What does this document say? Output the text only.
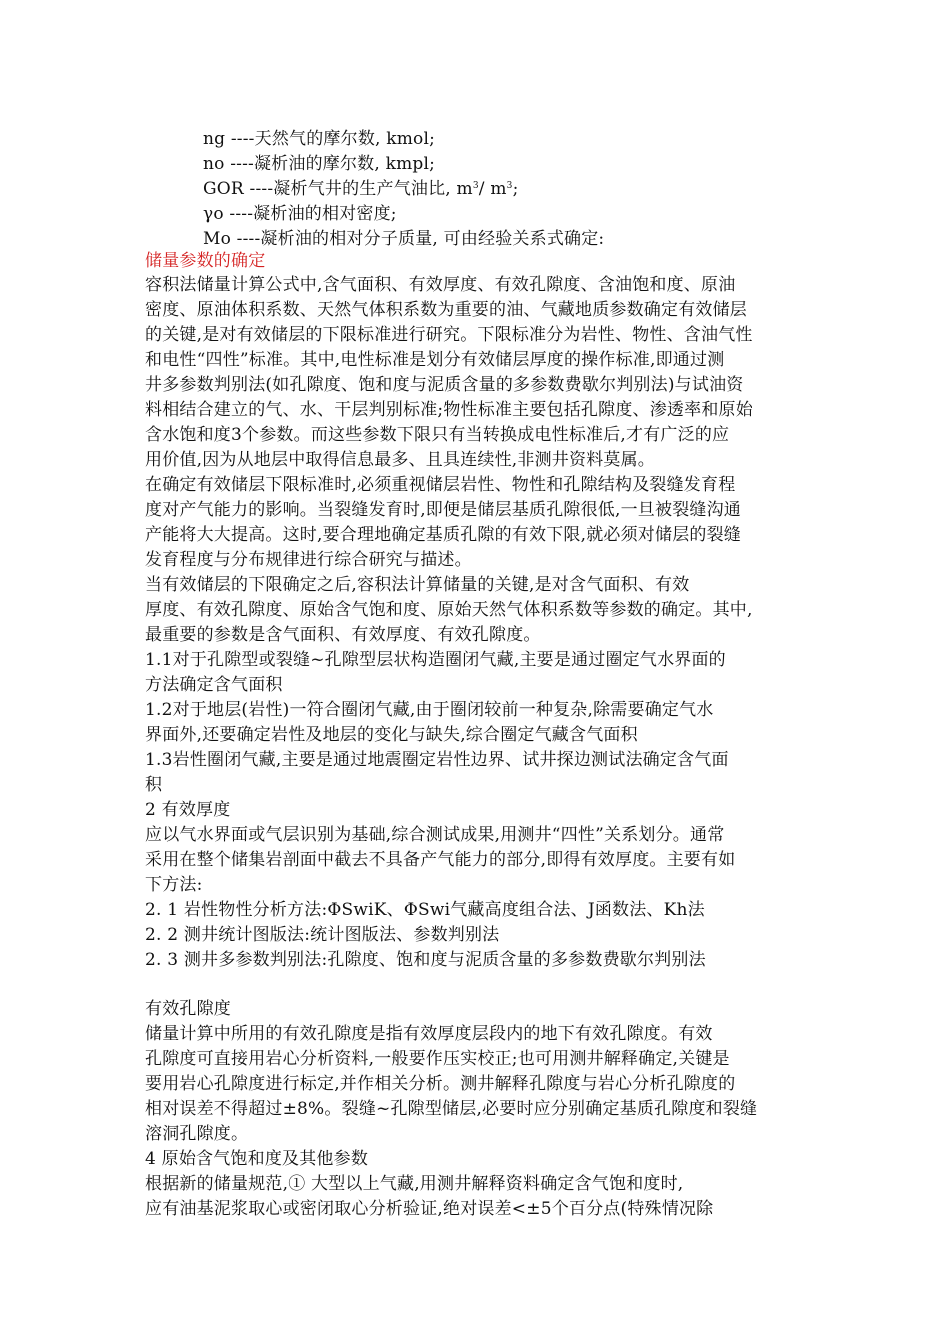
ng ----天然气的摩尔数, kmol;
no ----凝析油的摩尔数, kmpl;
GOR ----凝析气井的生产气油比, $m^3/$ $m^3$;
γo ----凝析油的相对密度;
Mo ----凝析油的相对分子质量, 可由经验关系式确定:
储量参数的确定
容积法储量计算公式中,含气面积、有效厚度、有效孔隙度、含油饱和度、原油
密度、原油体积系数、天然气体积系数为重要的油、气藏地质参数确定有效储层
的关键,是对有效储层的下限标准进行研究。下限标准分为岩性、物性、含油气性
和电性“四性”标准。其中,电性标准是划分有效储层厚度的操作标准,即通过测
井多参数判别法(如孔隙度、饱和度与泥质含量的多参数费歇尔判别法)与试油资
料相结合建立的气、水、干层判别标准;物性标准主要包括孔隙度、渗透率和原始
含水饱和度3个参数。而这些参数下限只有当转换成电性标准后,才有广泛的应
用价值,因为从地层中取得信息最多、且具连续性,非测井资料莫属。
在确定有效储层下限标准时,必须重视储层岩性、物性和孔隙结构及裂缝发育程
度对产气能力的影响。当裂缝发育时,即便是储层基质孔隙很低,一旦被裂缝沟通
产能将大大提高。这时,要合理地确定基质孔隙的有效下限,就必须对储层的裂缝
发育程度与分布规律进行综合研究与描述。
当有效储层的下限确定之后,容积法计算储量的关键,是对含气面积、有效
厚度、有效孔隙度、原始含气饱和度、原始天然气体积系数等参数的确定。其中,
最重要的参数是含气面积、有效厚度、有效孔隙度。
1.1对于孔隙型或裂缝~孔隙型层状构造圈闭气藏,主要是通过圈定气水界面的
方法确定含气面积
1.2对于地层(岩性)一符合圈闭气藏,由于圈闭较前一种复杂,除需要确定气水
界面外,还要确定岩性及地层的变化与缺失,综合圈定气藏含气面积
1.3岩性圈闭气藏,主要是通过地震圈定岩性边界、试井探边测试法确定含气面
积
2 有效厚度
应以气水界面或气层识别为基础,综合测试成果,用测井“四性”关系划分。通常
采用在整个储集岩剖面中截去不具备产气能力的部分,即得有效厚度。主要有如
下方法:
2. 1 岩性物性分析方法:ΦSwiK、ΦSwi气藏高度组合法、J函数法、Kh法
2. 2 测井统计图版法:统计图版法、参数判别法
2. 3 测井多参数判别法:孔隙度、饱和度与泥质含量的多参数费歇尔判别法
有效孔隙度
储量计算中所用的有效孔隙度是指有效厚度层段内的地下有效孔隙度。有效
孔隙度可直接用岩心分析资料,一般要作压实校正;也可用测井解释确定,关键是
要用岩心孔隙度进行标定,并作相关分析。测井解释孔隙度与岩心分析孔隙度的
相对误差不得超过±8%。裂缝~孔隙型储层,必要时应分别确定基质孔隙度和裂缝
溶洞孔隙度。
4 原始含气饱和度及其他参数
根据新的储量规范,① 大型以上气藏,用测井解释资料确定含气饱和度时,
应有油基泥浆取心或密闭取心分析验证,绝对误差<±5个百分点(特殊情况除
